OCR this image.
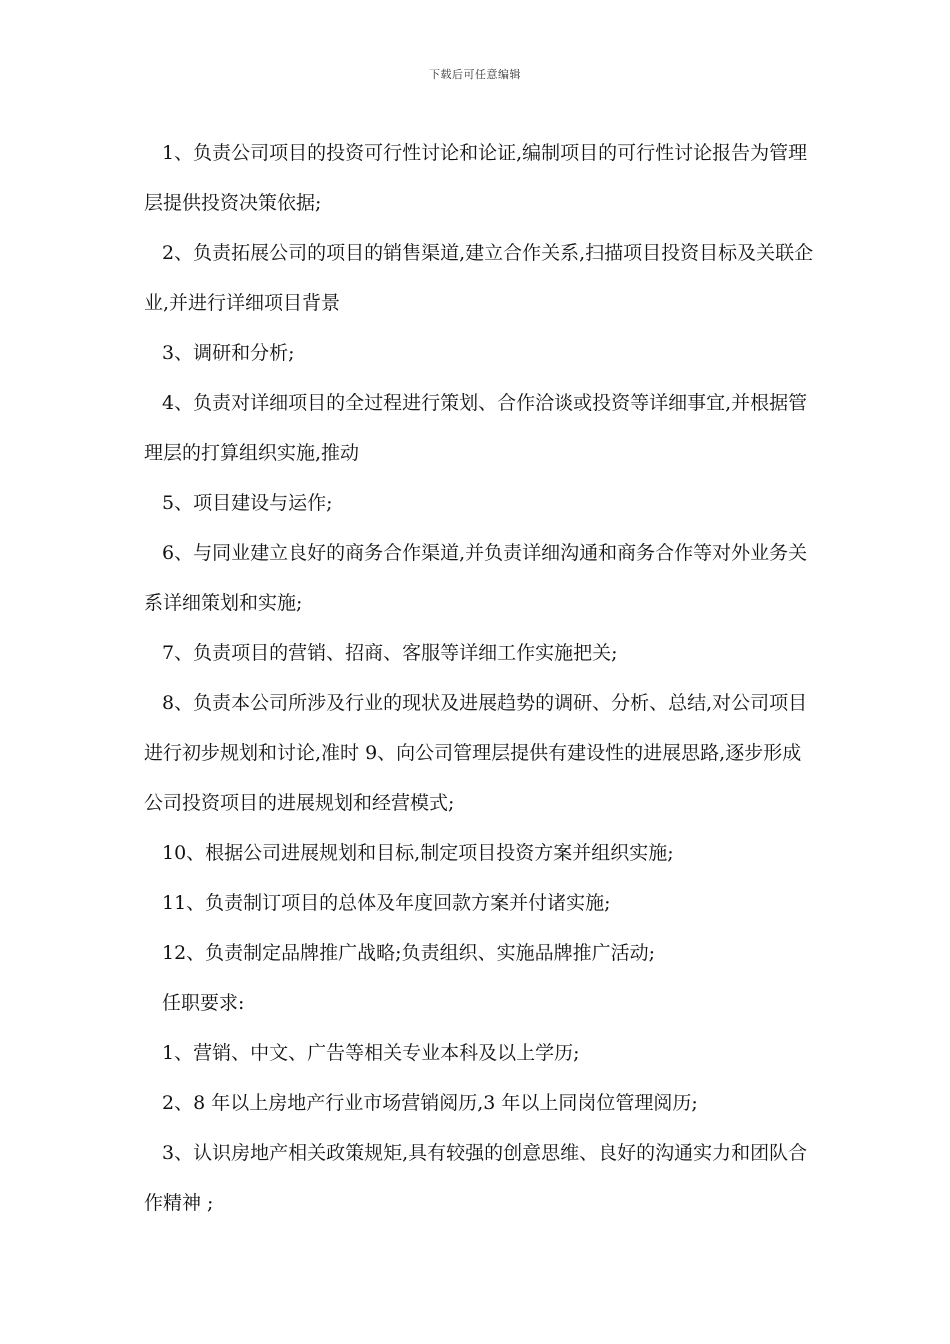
下载后可任意编辑

1、负责公司项目的投资可行性讨论和论证,编制项目的可行性讨论报告为管理层提供投资决策依据;

2、负责拓展公司的项目的销售渠道,建立合作关系,扫描项目投资目标及关联企业,并进行详细项目背景

3、调研和分析;

4、负责对详细项目的全过程进行策划、合作洽谈或投资等详细事宜,并根据管理层的打算组织实施,推动

5、项目建设与运作;

6、与同业建立良好的商务合作渠道,并负责详细沟通和商务合作等对外业务关系详细策划和实施;

7、负责项目的营销、招商、客服等详细工作实施把关;

8、负责本公司所涉及行业的现状及进展趋势的调研、分析、总结,对公司项目进行初步规划和讨论,准时 9、向公司管理层提供有建设性的进展思路,逐步形成公司投资项目的进展规划和经营模式;

10、根据公司进展规划和目标,制定项目投资方案并组织实施;

11、负责制订项目的总体及年度回款方案并付诸实施;

12、负责制定品牌推广战略;负责组织、实施品牌推广活动;

任职要求:

1、营销、中文、广告等相关专业本科及以上学历;

2、8 年以上房地产行业市场营销阅历,3 年以上同岗位管理阅历;

3、认识房地产相关政策规矩,具有较强的创意思维、良好的沟通实力和团队合作精神 ;
